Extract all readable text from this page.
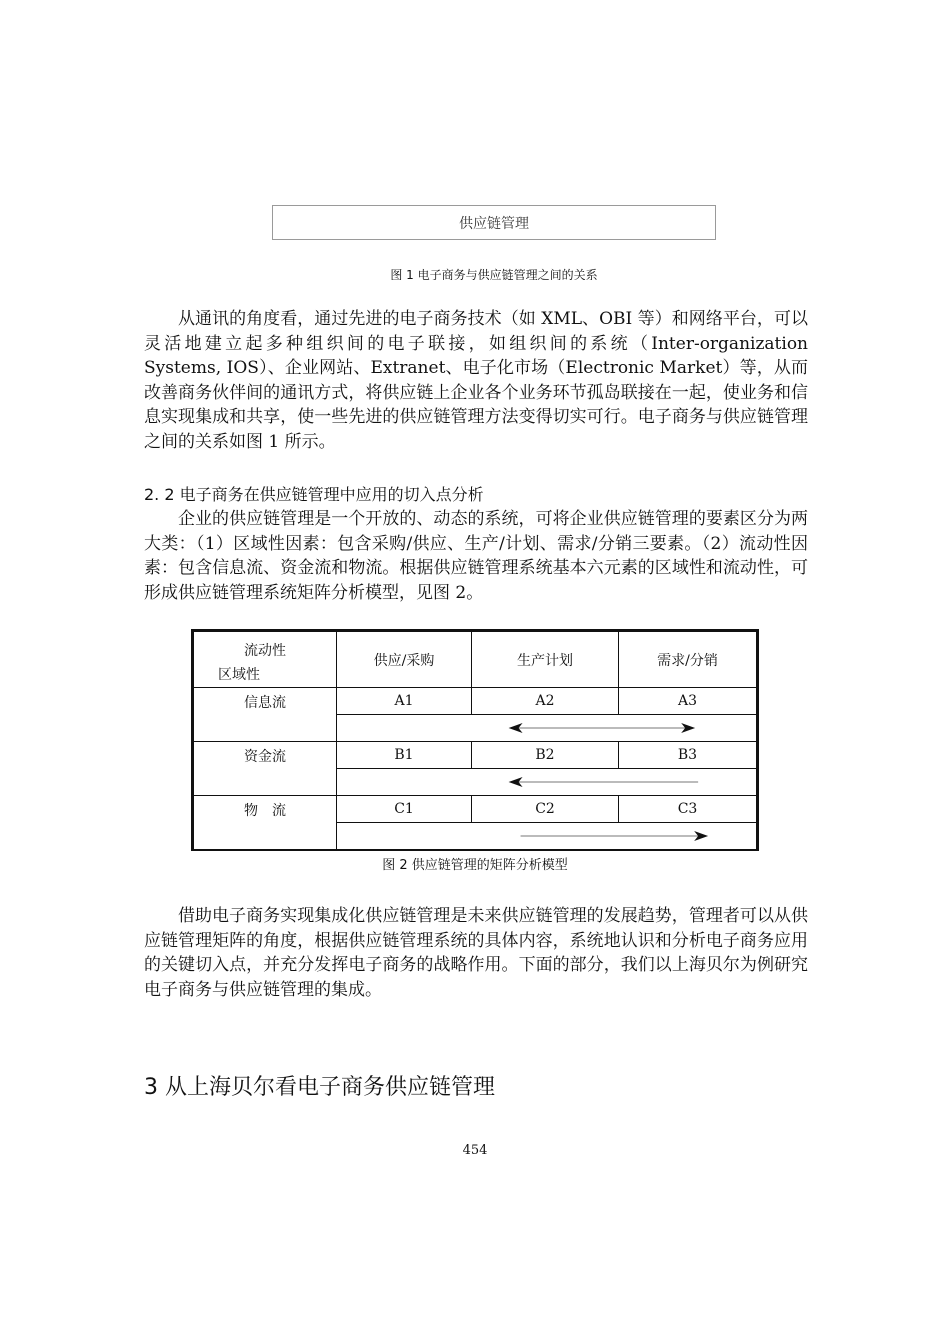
供应链管理
图 1 电子商务与供应链管理之间的关系
从通讯的角度看，通过先进的电子商务技术（如 XML、OBI 等）和网络平台，可以灵活地建立起多种组织间的电子联接，如组织间的系统（Inter-organization Systems, IOS）、企业网站、Extranet、电子化市场（Electronic Market）等，从而改善商务伙伴间的通讯方式，将供应链上企业各个业务环节孤岛联接在一起，使业务和信息实现集成和共享，使一些先进的供应链管理方法变得切实可行。电子商务与供应链管理之间的关系如图 1 所示。
2. 2 电子商务在供应链管理中应用的切入点分析
企业的供应链管理是一个开放的、动态的系统，可将企业供应链管理的要素区分为两大类：（1）区域性因素：包含采购/供应、生产/计划、需求/分销三要素。（2）流动性因素：包含信息流、资金流和物流。根据供应链管理系统基本六元素的区域性和流动性，可形成供应链管理系统矩阵分析模型，见图 2。
流动性
区域性	供应/采购	生产计划	需求/分销
信息流	A1	A2	A3

资金流	B1	B2	B3

物　流	C1	C2	C3

图 2 供应链管理的矩阵分析模型
借助电子商务实现集成化供应链管理是未来供应链管理的发展趋势，管理者可以从供应链管理矩阵的角度，根据供应链管理系统的具体内容，系统地认识和分析电子商务应用的关键切入点，并充分发挥电子商务的战略作用。下面的部分，我们以上海贝尔为例研究电子商务与供应链管理的集成。
3 从上海贝尔看电子商务供应链管理
454
